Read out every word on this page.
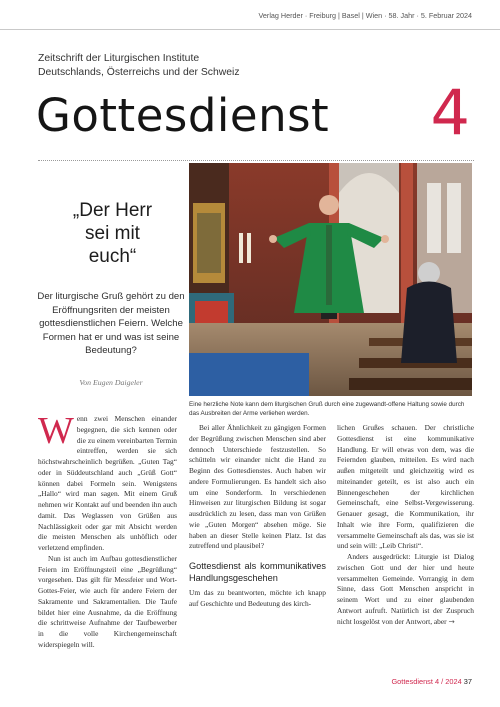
Verlag Herder · Freiburg | Basel | Wien · 58. Jahr · 5. Februar 2024
Zeitschrift der Liturgischen Institute
Deutschlands, Österreichs und der Schweiz
Gottesdienst 4
„Der Herr
sei mit
euch“
Der liturgische Gruß gehört zu den Eröffnungsriten der meisten gottesdienstlichen Feiern. Welche Formen hat er und was ist seine Bedeutung?
Von Eugen Daigeler
Eine herzliche Note kann dem liturgischen Gruß durch eine zugewandt-offene Haltung sowie durch das Ausbreiten der Arme verliehen werden.

Wenn zwei Menschen einander begegnen, die sich kennen oder die zu einem vereinbarten Termin eintreffen, werden sie sich höchstwahrscheinlich begrüßen. „Guten Tag“ oder in Süddeutschland auch „Grüß Gott“ können dabei Formeln sein. Wenigstens „Hallo“ wird man sagen. Mit einem Gruß nehmen wir Kontakt auf und beenden ihn auch damit. Das Weglassen von Grüßen aus Nachlässigkeit oder gar mit Absicht werden die meisten Menschen als unhöflich oder verletzend empfinden.

Nun ist auch im Aufbau gottesdienstlicher Feiern im Eröffnungsteil eine „Begrüßung“ vorgesehen. Das gilt für Messfeier und Wort-Gottes-Feier, wie auch für andere Feiern der Sakramente und Sakramentalien. Die Taufe bildet hier eine Ausnahme, da die Eröffnung die schrittweise Aufnahme der Taufbewerber in die volle Kirchengemeinschaft widerspiegeln will.

Bei aller Ähnlichkeit zu gängigen Formen der Begrüßung zwischen Menschen sind aber dennoch Unterschiede festzustellen. So schütteln wir einander nicht die Hand zu Beginn des Gottesdienstes. Auch haben wir andere Formulierungen. Es handelt sich also um eine Sonderform. In verschiedenen Hinweisen zur liturgischen Bildung ist sogar ausdrücklich zu lesen, dass man von Grüßen wie „Guten Morgen“ absehen möge. Sie haben an dieser Stelle keinen Platz. Ist das zutreffend und plausibel?

Gottesdienst als kommunikatives Handlungsgeschehen

Um das zu beantworten, möchte ich knapp auf Geschichte und Bedeutung des kirch-

lichen Grußes schauen. Der christliche Gottesdienst ist eine kommunikative Handlung. Er will etwas von dem, was die Feiernden glauben, mitteilen. Es wird nach außen mitgeteilt und gleichzeitig wird es miteinander geteilt, es ist also auch ein Binnengeschehen der kirchlichen Gemeinschaft, eine Selbst-Vergewisserung. Genauer gesagt, die Kommunikation, ihr Inhalt wie ihre Form, qualifizieren die versammelte Gemeinschaft als das, was sie ist und sein will: „Leib Christi“.

Anders ausgedrückt: Liturgie ist Dialog zwischen Gott und der hier und heute versammelten Gemeinde. Vorrangig in dem Sinne, dass Gott Menschen anspricht in seinem Wort und zu einer glaubenden Antwort aufruft. Natürlich ist der Zuspruch nicht losgelöst von der Antwort, aber →

Gottesdienst 4 / 2024 37
